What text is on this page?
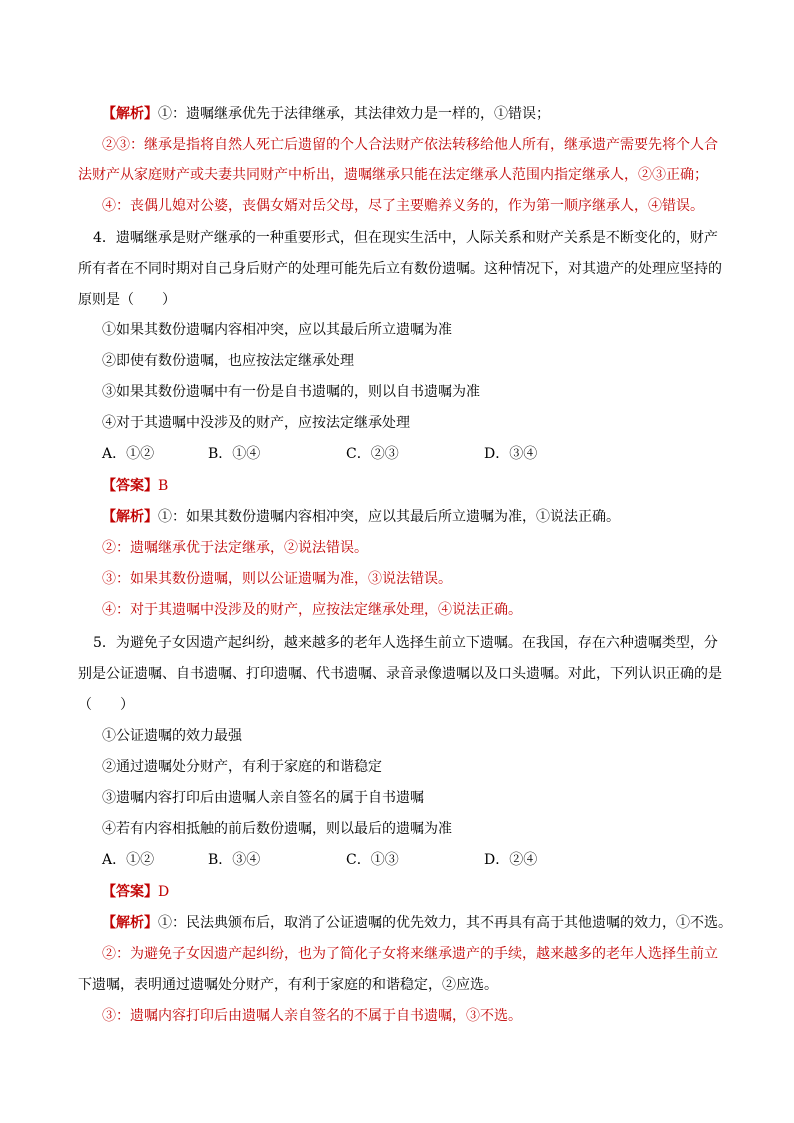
【解析】①：遗嘱继承优先于法律继承，其法律效力是一样的，①错误；
②③：继承是指将自然人死亡后遗留的个人合法财产依法转移给他人所有，继承遗产需要先将个人合
法财产从家庭财产或夫妻共同财产中析出，遗嘱继承只能在法定继承人范围内指定继承人，②③正确；
④：丧偶儿媳对公婆，丧偶女婿对岳父母，尽了主要赡养义务的，作为第一顺序继承人，④错误。
4．遗嘱继承是财产继承的一种重要形式，但在现实生活中，人际关系和财产关系是不断变化的，财产
所有者在不同时期对自己身后财产的处理可能先后立有数份遗嘱。这种情况下，对其遗产的处理应坚持的
原则是（　　）
①如果其数份遗嘱内容相冲突，应以其最后所立遗嘱为准
②即使有数份遗嘱，也应按法定继承处理
③如果其数份遗嘱中有一份是自书遗嘱的，则以自书遗嘱为准
④对于其遗嘱中没涉及的财产，应按法定继承处理
A．①②	B．①④	C．②③	D．③④
【答案】B
【解析】①：如果其数份遗嘱内容相冲突，应以其最后所立遗嘱为准，①说法正确。
②：遗嘱继承优于法定继承，②说法错误。
③：如果其数份遗嘱，则以公证遗嘱为准，③说法错误。
④：对于其遗嘱中没涉及的财产，应按法定继承处理，④说法正确。
5．为避免子女因遗产起纠纷，越来越多的老年人选择生前立下遗嘱。在我国，存在六种遗嘱类型，分
别是公证遗嘱、自书遗嘱、打印遗嘱、代书遗嘱、录音录像遗嘱以及口头遗嘱。对此，下列认识正确的是
（　　）
①公证遗嘱的效力最强
②通过遗嘱处分财产，有利于家庭的和谐稳定
③遗嘱内容打印后由遗嘱人亲自签名的属于自书遗嘱
④若有内容相抵触的前后数份遗嘱，则以最后的遗嘱为准
A．①②	B．③④	C．①③	D．②④
【答案】D
【解析】①：民法典颁布后，取消了公证遗嘱的优先效力，其不再具有高于其他遗嘱的效力，①不选。
②：为避免子女因遗产起纠纷，也为了简化子女将来继承遗产的手续，越来越多的老年人选择生前立
下遗嘱，表明通过遗嘱处分财产，有利于家庭的和谐稳定，②应选。
③：遗嘱内容打印后由遗嘱人亲自签名的不属于自书遗嘱，③不选。
